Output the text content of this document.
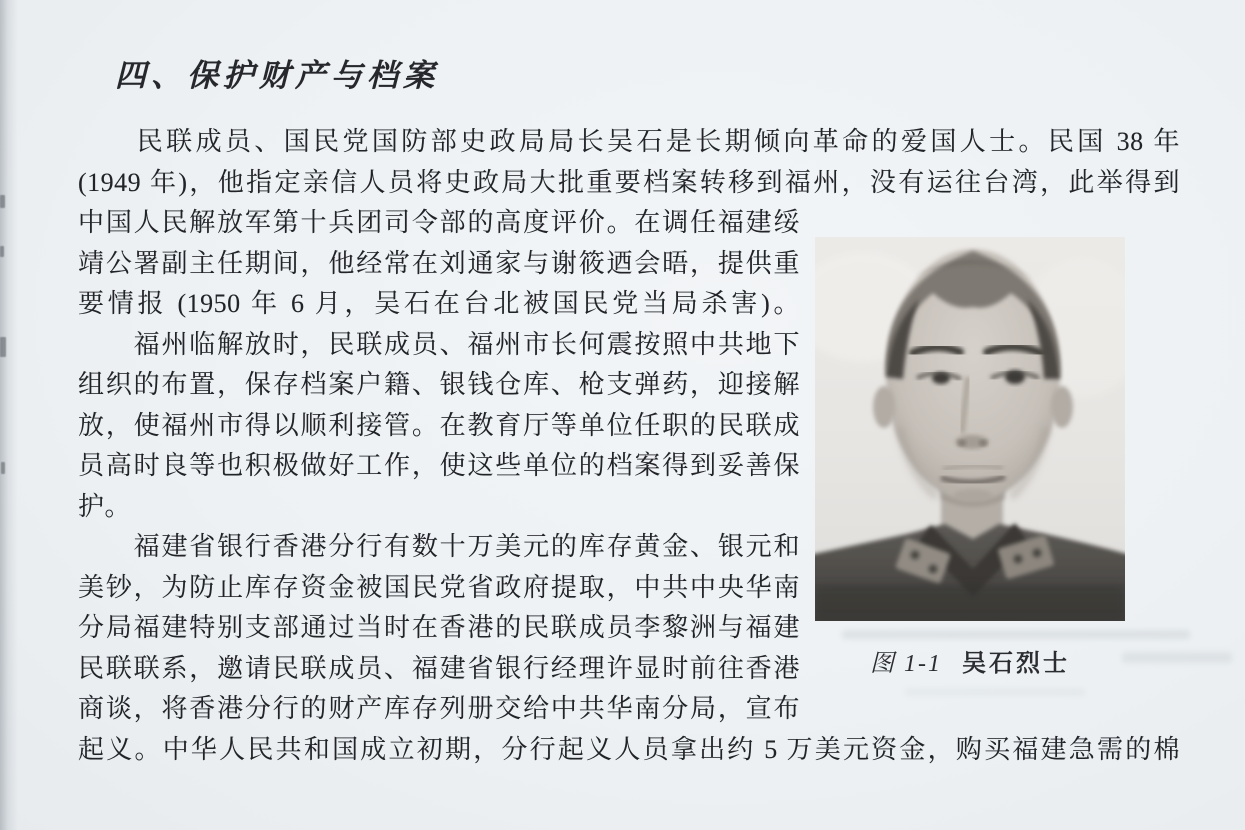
四、保护财产与档案
图 1-1 吴石烈士
　　民联成员、国民党国防部史政局局长吴石是长期倾向革命的爱国人士。民国 38 年
(1949 年)，他指定亲信人员将史政局大批重要档案转移到福州，没有运往台湾，此举得到
中国人民解放军第十兵团司令部的高度评价。在调任福建绥
靖公署副主任期间，他经常在刘通家与谢筱迺会晤，提供重
要情报 (1950 年 6 月，吴石在台北被国民党当局杀害)。
　　福州临解放时，民联成员、福州市长何震按照中共地下
组织的布置，保存档案户籍、银钱仓库、枪支弹药，迎接解
放，使福州市得以顺利接管。在教育厅等单位任职的民联成
员高时良等也积极做好工作，使这些单位的档案得到妥善保
护。
　　福建省银行香港分行有数十万美元的库存黄金、银元和
美钞，为防止库存资金被国民党省政府提取，中共中央华南
分局福建特别支部通过当时在香港的民联成员李黎洲与福建
民联联系，邀请民联成员、福建省银行经理许显时前往香港
商谈，将香港分行的财产库存列册交给中共华南分局，宣布
起义。中华人民共和国成立初期，分行起义人员拿出约 5 万美元资金，购买福建急需的棉
